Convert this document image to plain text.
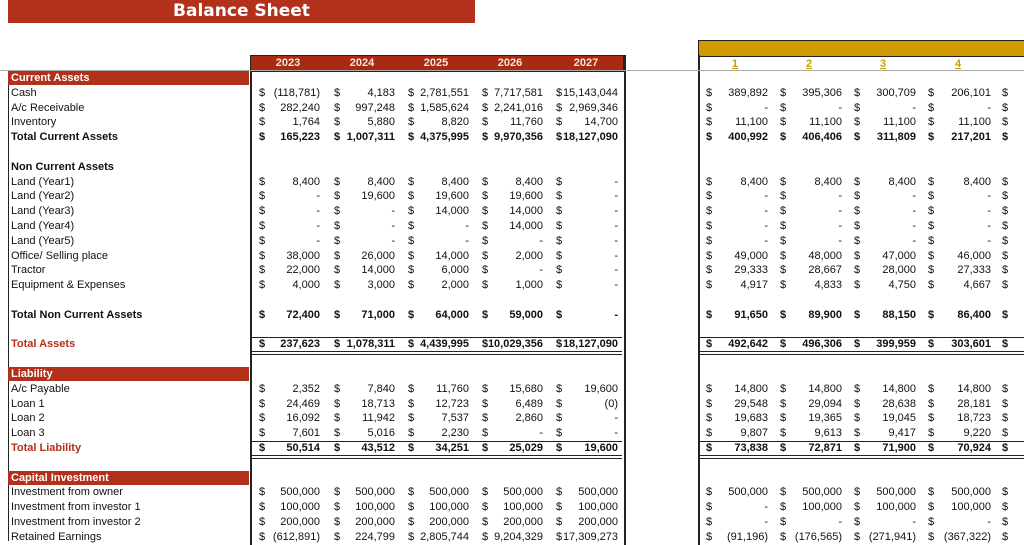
Balance Sheet
2023	2024	2025	2026	2027	1	2	3	4
Current Assets
Cash	$ (118,781) $	4,183 $ 2,781,551 $ 7,717,581 $ 15,143,044	$	389,892 $	395,306 $	300,709 $	206,101 $
A/c Receivable	$	282,240 $	997,248 $ 1,585,624 $ 2,241,016 $ 2,969,346	$	- $	- $	- $	- $
Inventory	$	1,764 $	5,880 $	8,820 $	11,760 $	14,700	$	11,100 $	11,100 $	11,100 $	11,100 $
Total Current Assets	$	165,223 $ 1,007,311 $ 4,375,995 $ 9,970,356 $ 18,127,090	$	400,992 $	406,406 $	311,809 $	217,201 $
Non Current Assets
Land (Year1)	$	8,400 $	8,400 $	8,400 $	8,400 $	-	$	8,400 $	8,400 $	8,400 $	8,400 $
Land (Year2)	$	- $	19,600 $	19,600 $	19,600 $	-	$	- $	- $	- $	- $
Land (Year3)	$	- $	- $	14,000 $	14,000 $	-	$	- $	- $	- $	- $
Land (Year4)	$	- $	- $	- $	14,000 $	-	$	- $	- $	- $	- $
Land (Year5)	$	- $	- $	- $	- $	-	$	- $	- $	- $	- $
Office/ Selling place	$	38,000 $	26,000 $	14,000 $	2,000 $	-	$	49,000 $	48,000 $	47,000 $	46,000 $
Tractor	$	22,000 $	14,000 $	6,000 $	- $	-	$	29,333 $	28,667 $	28,000 $	27,333 $
Equipment & Expenses	$	4,000 $	3,000 $	2,000 $	1,000 $	-	$	4,917 $	4,833 $	4,750 $	4,667 $
Total Non Current Assets	$	72,400 $	71,000 $	64,000 $	59,000 $	-	$	91,650 $	89,900 $	88,150 $	86,400 $
Total Assets	$	237,623 $ 1,078,311 $ 4,439,995 $ 10,029,356 $ 18,127,090	$	492,642 $	496,306 $	399,959 $	303,601 $
Liability
A/c Payable	$	2,352 $	7,840 $	11,760 $	15,680 $	19,600	$	14,800 $	14,800 $	14,800 $	14,800 $
Loan 1	$	24,469 $	18,713 $	12,723 $	6,489 $	(0)	$	29,548 $	29,094 $	28,638 $	28,181 $
Loan 2	$	16,092 $	11,942 $	7,537 $	2,860 $	-	$	19,683 $	19,365 $	19,045 $	18,723 $
Loan 3	$	7,601 $	5,016 $	2,230 $	- $	-	$	9,807 $	9,613 $	9,417 $	9,220 $
Total Liability	$	50,514 $	43,512 $	34,251 $	25,029 $	19,600	$	73,838 $	72,871 $	71,900 $	70,924 $
Capital Investment
Investment from owner	$	500,000 $	500,000 $	500,000 $	500,000 $	500,000	$	500,000 $	500,000 $	500,000 $	500,000 $
Investment from investor 1	$	100,000 $	100,000 $	100,000 $	100,000 $	100,000	$	- $	100,000 $	100,000 $	100,000 $
Investment from investor 2	$	200,000 $	200,000 $	200,000 $	200,000 $	200,000	$	- $	- $	- $	- $
Retained Earnings	$ (612,891) $	224,799 $ 2,805,744 $ 9,204,329 $ 17,309,273	$	(91,196) $ (176,565) $ (271,941) $ (367,322) $
